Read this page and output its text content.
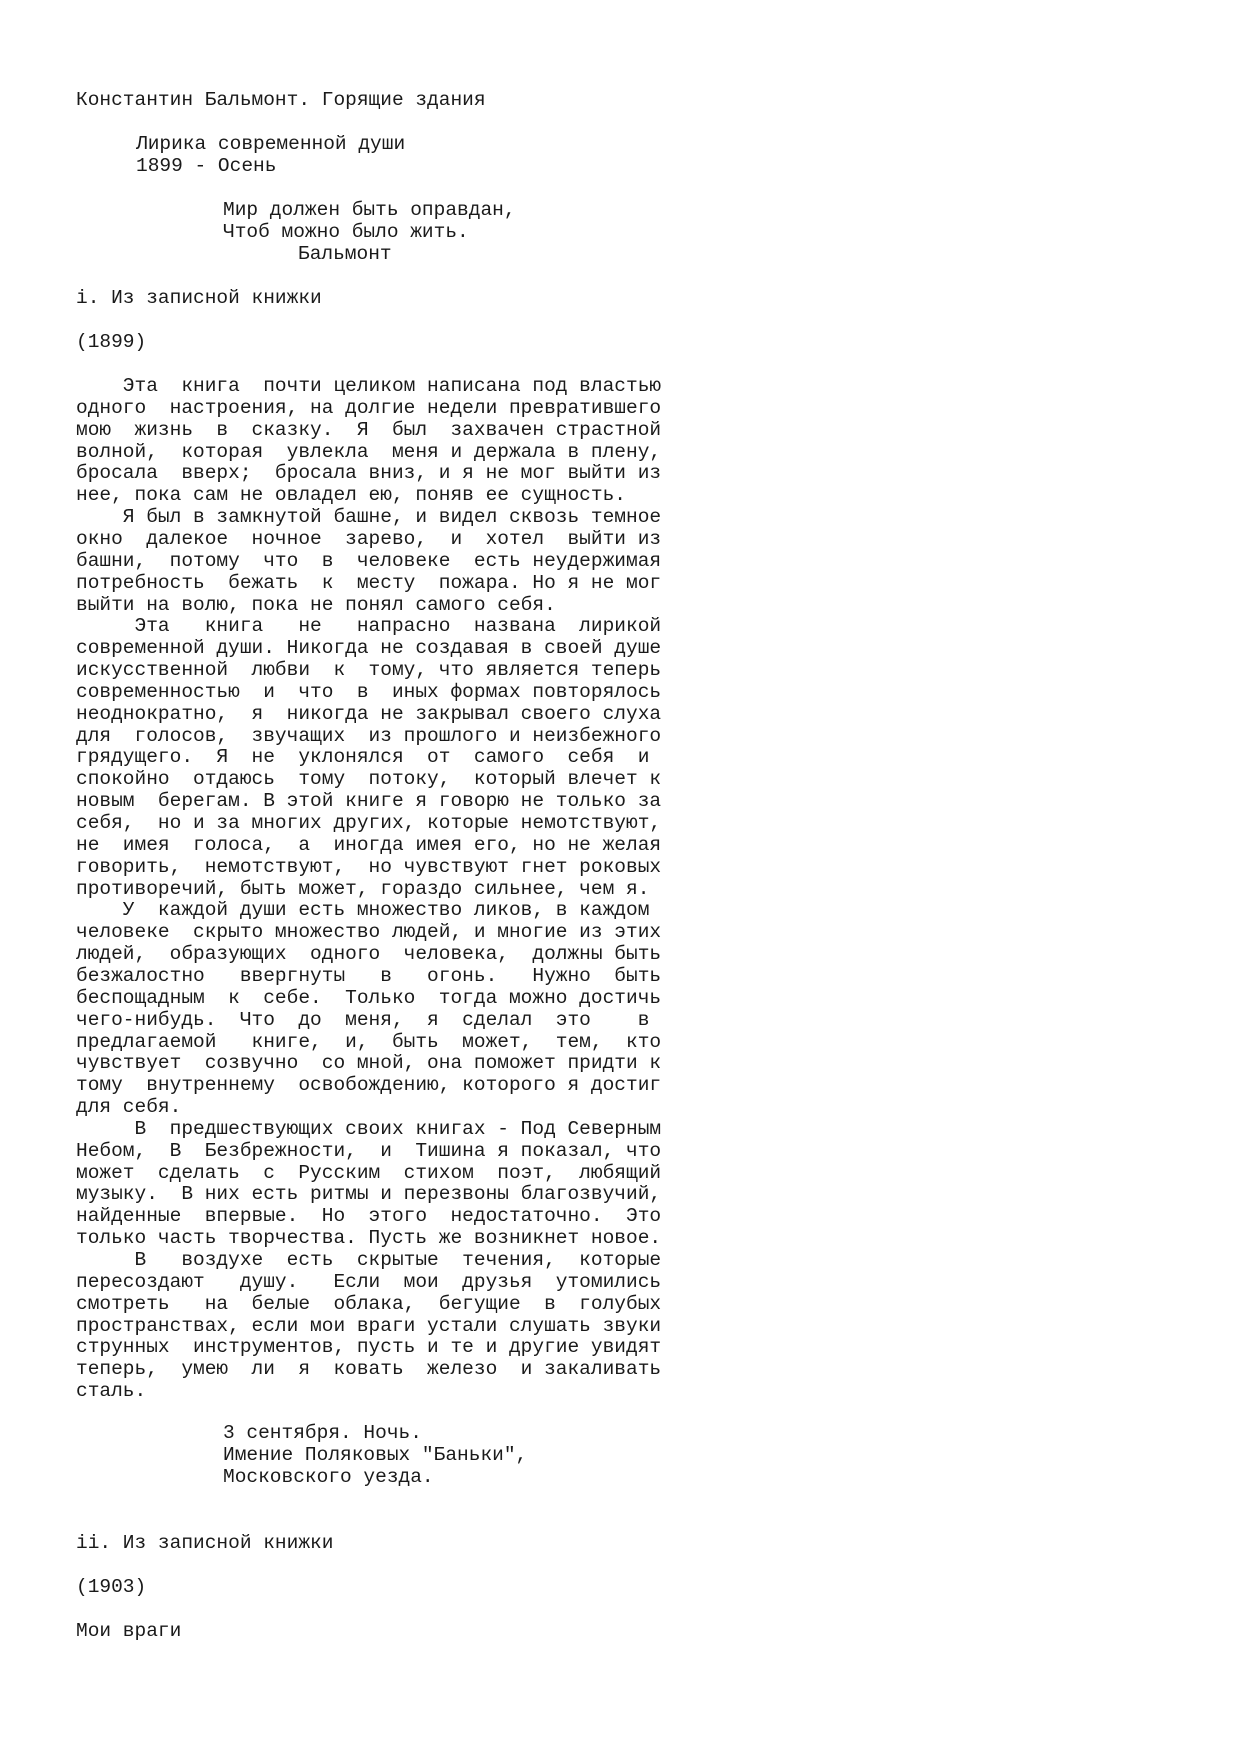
Константин Бальмонт. Горящие здания

Лирика современной души

1899 - Осень

Мир должен быть оправдан,

Чтоб можно было жить.

Бальмонт

i. Из записной книжки

(1899)

Эта  книга  почти целиком написана под властью

одного  настроения, на долгие недели превратившего

мою  жизнь  в  сказку.  Я  был  захвачен страстной

волной,  которая  увлекла  меня и держала в плену,

бросала  вверх;  бросала вниз, и я не мог выйти из

нее, пока сам не овладел ею, поняв ее сущность.

Я был в замкнутой башне, и видел сквозь темное

окно  далекое  ночное  зарево,  и  хотел  выйти из

башни,  потому  что  в  человеке  есть неудержимая

потребность  бежать  к  месту  пожара. Но я не мог

выйти на волю, пока не понял самого себя.

Эта   книга   не   напрасно  названа  лирикой

современной души. Никогда не создавая в своей душе

искусственной  любви  к  тому, что является теперь

современностью  и  что  в  иных формах повторялось

неоднократно,  я  никогда не закрывал своего слуха

для  голосов,  звучащих  из прошлого и неизбежного

грядущего.  Я  не  уклонялся  от  самого  себя  и

спокойно  отдаюсь  тому  потоку,  который влечет к

новым  берегам. В этой книге я говорю не только за

себя,  но и за многих других, которые немотствуют,

не  имея  голоса,  а  иногда имея его, но не желая

говорить,  немотствуют,  но чувствуют гнет роковых

противоречий, быть может, гораздо сильнее, чем я.

У  каждой души есть множество ликов, в каждом

человеке  скрыто множество людей, и многие из этих

людей,  образующих  одного  человека,  должны быть

безжалостно   ввергнуты   в   огонь.   Нужно  быть

беспощадным  к  себе.  Только  тогда можно достичь

чего-нибудь.  Что  до  меня,  я  сделал  это    в

предлагаемой   книге,  и,  быть  может,  тем,  кто

чувствует  созвучно  со мной, она поможет придти к

тому  внутреннему  освобождению, которого я достиг

для себя.

В  предшествующих своих книгах - Под Северным

Небом,  В  Безбрежности,  и  Тишина я показал, что

может  сделать  с  Русским  стихом  поэт,  любящий

музыку.  В них есть ритмы и перезвоны благозвучий,

найденные  впервые.  Но  этого  недостаточно.  Это

только часть творчества. Пусть же возникнет новое.

В   воздухе  есть  скрытые  течения,  которые

пересоздают   душу.   Если  мои  друзья  утомились

смотреть   на  белые  облака,  бегущие  в  голубых

пространствах, если мои враги устали слушать звуки

струнных  инструментов, пусть и те и другие увидят

теперь,  умею  ли  я  ковать  железо  и закаливать

сталь.

3 сентября. Ночь.

Имение Поляковых "Баньки",

Московского уезда.

ii. Из записной книжки

(1903)

Мои враги
